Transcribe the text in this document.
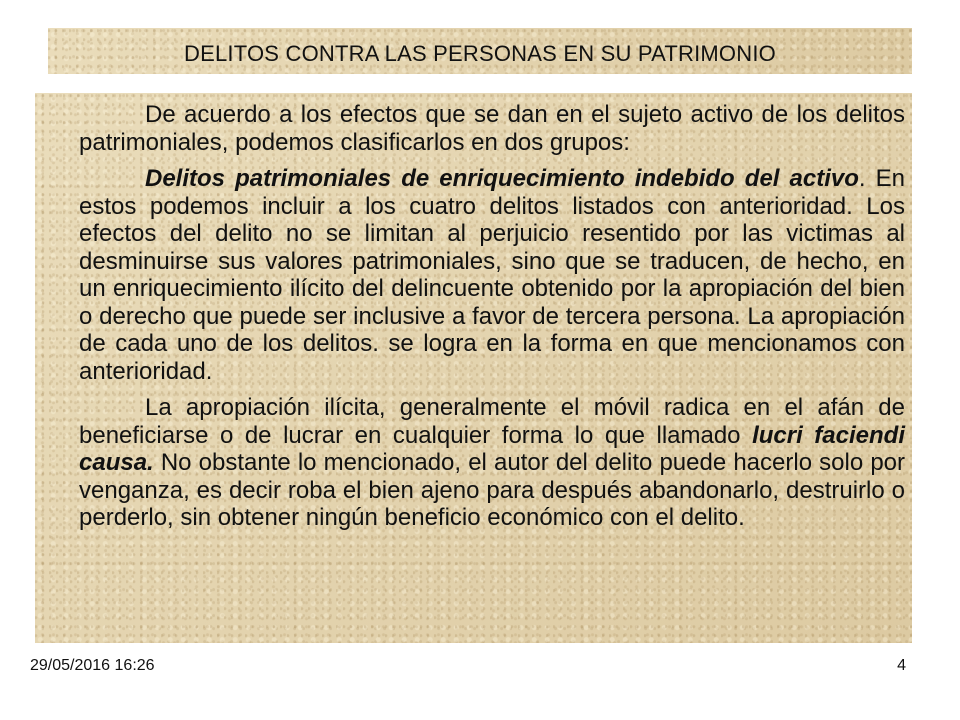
DELITOS CONTRA LAS PERSONAS EN SU PATRIMONIO

De acuerdo a los efectos que se dan en el sujeto activo de los delitos patrimoniales, podemos clasificarlos en dos grupos:

Delitos patrimoniales de enriquecimiento indebido del activo. En estos podemos incluir a los cuatro delitos listados con anterioridad. Los efectos del delito no se limitan al perjuicio resentido por las victimas al desminuirse sus valores patrimoniales, sino que se traducen, de hecho, en un enriquecimiento ilícito del delincuente obtenido por la apropiación del bien o derecho que puede ser inclusive a favor de tercera persona. La apropiación de cada uno de los delitos. se logra en la forma en que mencionamos con anterioridad.

La apropiación ilícita, generalmente el móvil radica en el afán de beneficiarse o de lucrar en cualquier forma lo que llamado lucri faciendi causa. No obstante lo mencionado, el autor del delito puede hacerlo solo por venganza, es decir roba el bien ajeno para después abandonarlo, destruirlo o perderlo, sin obtener ningún beneficio económico con el delito.

29/05/2016 16:26	4
